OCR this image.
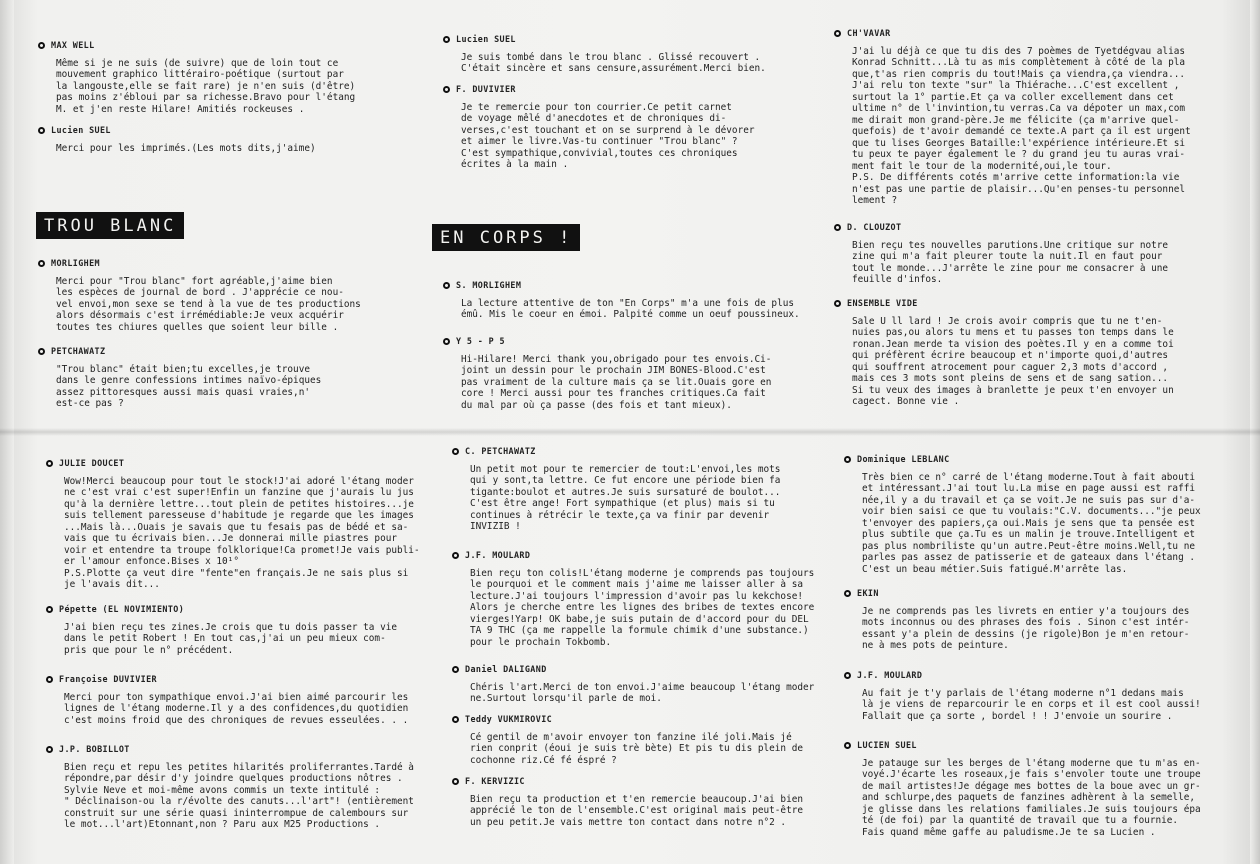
TROU BLANC
EN CORPS !
MAX WELL
Même si je ne suis (de suivre) que de loin tout ce
mouvement graphico littérairo-poétique (surtout par
la langouste,elle se fait rare) je n'en suis (d'être)
pas moins z'ébloui par sa richesse.Bravo pour l'étang
M. et j'en reste Hilare! Amitiés rockeuses .
Lucien SUEL
Merci pour les imprimés.(Les mots dits,j'aime)
MORLIGHEM
Merci pour "Trou blanc" fort agréable,j'aime bien
les espèces de journal de bord . J'apprécie ce nou-
vel envoi,mon sexe se tend à la vue de tes productions
alors désormais c'est irrémédiable:Je veux acquérir
toutes tes chiures quelles que soient leur bille .
PETCHAWATZ
"Trou blanc" était bien;tu excelles,je trouve
dans le genre confessions intimes naïvo-épiques
assez pittoresques aussi mais quasi vraies,n'
est-ce pas ?
Lucien SUEL
Je suis tombé dans le trou blanc . Glissé recouvert .
C'était sincère et sans censure,assurément.Merci bien.
F. DUVIVIER
Je te remercie pour ton courrier.Ce petit carnet
de voyage mêlé d'anecdotes et de chroniques di-
verses,c'est touchant et on se surprend à le dévorer
et aimer le livre.Vas-tu continuer "Trou blanc" ?
C'est sympathique,convivial,toutes ces chroniques
écrites à la main .
S. MORLIGHEM
La lecture attentive de ton "En Corps" m'a une fois de plus
émû. Mis le coeur en émoi. Palpité comme un oeuf poussineux.
Y 5 - P 5
Hi-Hilare! Merci thank you,obrigado pour tes envois.Ci-
joint un dessin pour le prochain JIM BONES-Blood.C'est
pas vraiment de la culture mais ça se lit.Ouais gore en
core ! Merci aussi pour tes franches critiques.Ca fait
du mal par où ça passe (des fois et tant mieux).
CH'VAVAR
J'ai lu déjà ce que tu dis des 7 poèmes de Tyetdégvau alias
Konrad Schnitt...Là tu as mis complètement à côté de la pla
que,t'as rien compris du tout!Mais ça viendra,ça viendra...
J'ai relu ton texte "sur" la Thiérache...C'est excellent ,
surtout la 1° partie.Et ça va coller excellement dans cet
ultime n° de l'invintion,tu verras.Ca va dépoter un max,com
me dirait mon grand-père.Je me félicite (ça m'arrive quel-
quefois) de t'avoir demandé ce texte.A part ça il est urgent
que tu lises Georges Bataille:l'expérience intérieure.Et si
tu peux te payer également le ? du grand jeu tu auras vrai-
ment fait le tour de la modernité,oui,le tour.
P.S. De différents cotés m'arrive cette information:la vie
n'est pas une partie de plaisir...Qu'en penses-tu personnel
lement ?
D. CLOUZOT
Bien reçu tes nouvelles parutions.Une critique sur notre
zine qui m'a fait pleurer toute la nuit.Il en faut pour
tout le monde...J'arrête le zine pour me consacrer à une
feuille d'infos.
ENSEMBLE VIDE
Sale U ll lard ! Je crois avoir compris que tu ne t'en-
nuies pas,ou alors tu mens et tu passes ton temps dans le
ronan.Jean merde ta vision des poètes.Il y en a comme toi
qui préfèrent écrire beaucoup et n'importe quoi,d'autres
qui souffrent atrocement pour caguer 2,3 mots d'accord ,
mais ces 3 mots sont pleins de sens et de sang sation...
Si tu veux des images à branlette je peux t'en envoyer un
cagect. Bonne vie .
JULIE DOUCET
Wow!Merci beaucoup pour tout le stock!J'ai adoré l'étang moder
ne c'est vrai c'est super!Enfin un fanzine que j'aurais lu jus
qu'à la dernière lettre...tout plein de petites histoires...je
suis tellement paresseuse d'habitude je regarde que les images
...Mais là...Ouais je savais que tu fesais pas de bédé et sa-
vais que tu écrivais bien...Je donnerai mille piastres pour
voir et entendre ta troupe folklorique!Ca promet!Je vais publi-
er l'amour enfonce.Bises x 10¹°
P.S.Plotte ça veut dire "fente"en français.Je ne sais plus si
je l'avais dit...
Pépette (EL NOVIMIENTO)
J'ai bien reçu tes zines.Je crois que tu dois passer ta vie
dans le petit Robert ! En tout cas,j'ai un peu mieux com-
pris que pour le n° précédent.
Françoise DUVIVIER
Merci pour ton sympathique envoi.J'ai bien aimé parcourir les
lignes de l'étang moderne.Il y a des confidences,du quotidien
c'est moins froid que des chroniques de revues esseulées. . .
J.P. BOBILLOT
Bien reçu et repu les petites hilarités proliferrantes.Tardé à
répondre,par désir d'y joindre quelques productions nôtres .
Sylvie Neve et moi-même avons commis un texte intitulé :
" Déclinaison-ou la r/évolte des canuts...l'art"! (entièrement
construit sur une série quasi ininterrompue de calembours sur
le mot...l'art)Etonnant,non ? Paru aux M25 Productions .
C. PETCHAWATZ
Un petit mot pour te remercier de tout:L'envoi,les mots
qui y sont,ta lettre. Ce fut encore une période bien fa
tigante:boulot et autres.Je suis sursaturé de boulot...
C'est être ange! Fort sympathique (et plus) mais si tu
continues à rétrécir le texte,ça va finir par devenir
INVIZIB !
J.F. MOULARD
Bien reçu ton colis!L'étang moderne je comprends pas toujours
le pourquoi et le comment mais j'aime me laisser aller à sa
lecture.J'ai toujours l'impression d'avoir pas lu kekchose!
Alors je cherche entre les lignes des bribes de textes encore
vierges!Yarp! OK babe,je suis putain de d'accord pour du DEL
TA 9 THC (ça me rappelle la formule chimik d'une substance.)
pour le prochain Tokbomb.
Daniel DALIGAND
Chéris l'art.Merci de ton envoi.J'aime beaucoup l'étang moder
ne.Surtout lorsqu'il parle de moi.
Teddy VUKMIROVIC
Cé gentil de m'avoir envoyer ton fanzine ilé joli.Mais jé
rien conprit (éoui je suis trè bète) Et pis tu dis plein de
cochonne riz.Cé fé éspré ?
F. KERVIZIC
Bien reçu ta production et t'en remercie beaucoup.J'ai bien
apprécié le ton de l'ensemble.C'est original mais peut-être
un peu petit.Je vais mettre ton contact dans notre n°2 .
Dominique LEBLANC
Très bien ce n° carré de l'étang moderne.Tout à fait abouti
et intéressant.J'ai tout lu.La mise en page aussi est raffi
née,il y a du travail et ça se voit.Je ne suis pas sur d'a-
voir bien saisi ce que tu voulais:"C.V. documents..."je peux
t'envoyer des papiers,ça oui.Mais je sens que ta pensée est
plus subtile que ça.Tu es un malin je trouve.Intelligent et
pas plus nombriliste qu'un autre.Peut-être moins.Well,tu ne
parles pas assez de patisserie et de gateaux dans l'étang .
C'est un beau métier.Suis fatigué.M'arrête las.
EKIN
Je ne comprends pas les livrets en entier y'a toujours des
mots inconnus ou des phrases des fois . Sinon c'est intér-
essant y'a plein de dessins (je rigole)Bon je m'en retour-
ne à mes pots de peinture.
J.F. MOULARD
Au fait je t'y parlais de l'étang moderne n°1 dedans mais
là je viens de reparcourir le en corps et il est cool aussi!
Fallait que ça sorte , bordel ! ! J'envoie un sourire .
LUCIEN SUEL
Je patauge sur les berges de l'étang moderne que tu m'as en-
voyé.J'écarte les roseaux,je fais s'envoler toute une troupe
de mail artistes!Je dégage mes bottes de la boue avec un gr-
and schlurpe,des paquets de fanzines adhèrent à la semelle,
je glisse dans les relations familiales.Je suis toujours épa
té (de foi) par la quantité de travail que tu a fournie.
Fais quand même gaffe au paludisme.Je te sa Lucien .
